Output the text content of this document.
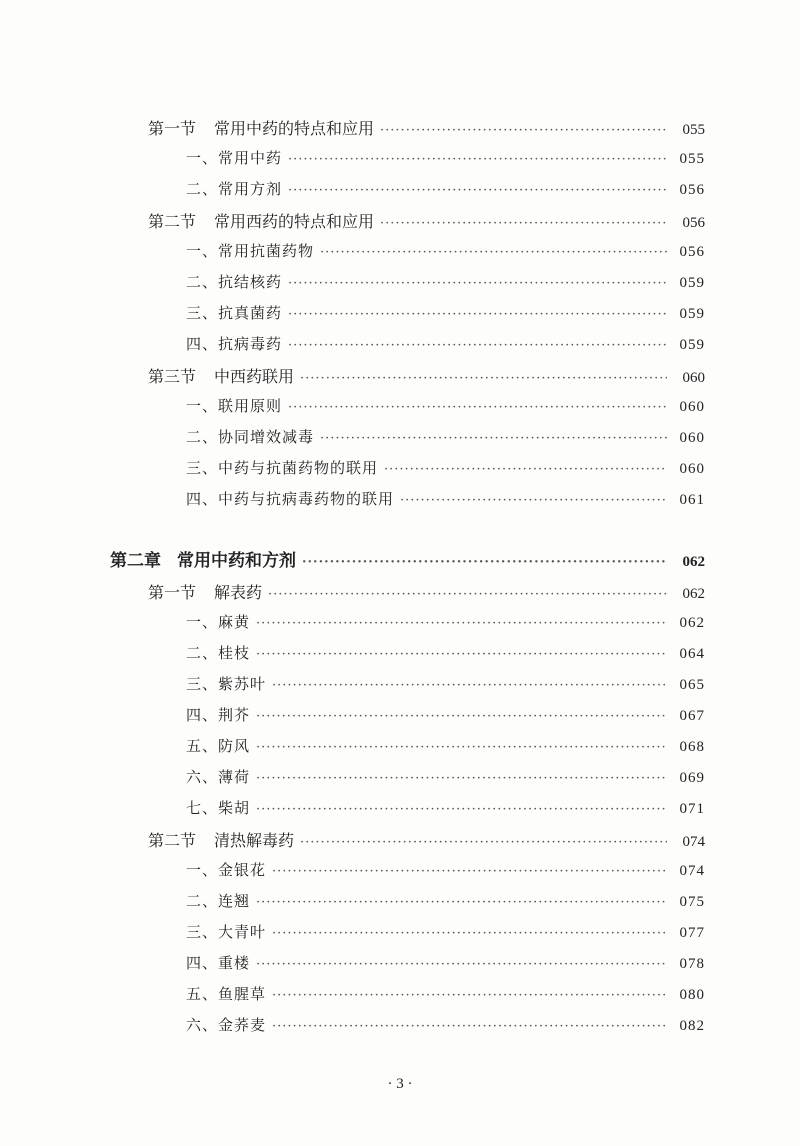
第一节 常用中药的特点和应用 ·····	055
一、常用中药 ·····	055
二、常用方剂 ·····	056
第二节 常用西药的特点和应用 ·····	056
一、常用抗菌药物 ·····	056
二、抗结核药 ·····	059
三、抗真菌药 ·····	059
四、抗病毒药 ·····	059
第三节 中西药联用 ·····	060
一、联用原则 ·····	060
二、协同增效减毒 ·····	060
三、中药与抗菌药物的联用 ·····	060
四、中药与抗病毒药物的联用 ·····	061
第二章 常用中药和方剂 ·····	062
第一节 解表药 ·····	062
一、麻黄 ·····	062
二、桂枝 ·····	064
三、紫苏叶 ·····	065
四、荆芥 ·····	067
五、防风 ·····	068
六、薄荷 ·····	069
七、柴胡 ·····	071
第二节 清热解毒药 ·····	074
一、金银花 ·····	074
二、连翘 ·····	075
三、大青叶 ·····	077
四、重楼 ·····	078
五、鱼腥草 ·····	080
六、金荞麦 ·····	082
· 3 ·
